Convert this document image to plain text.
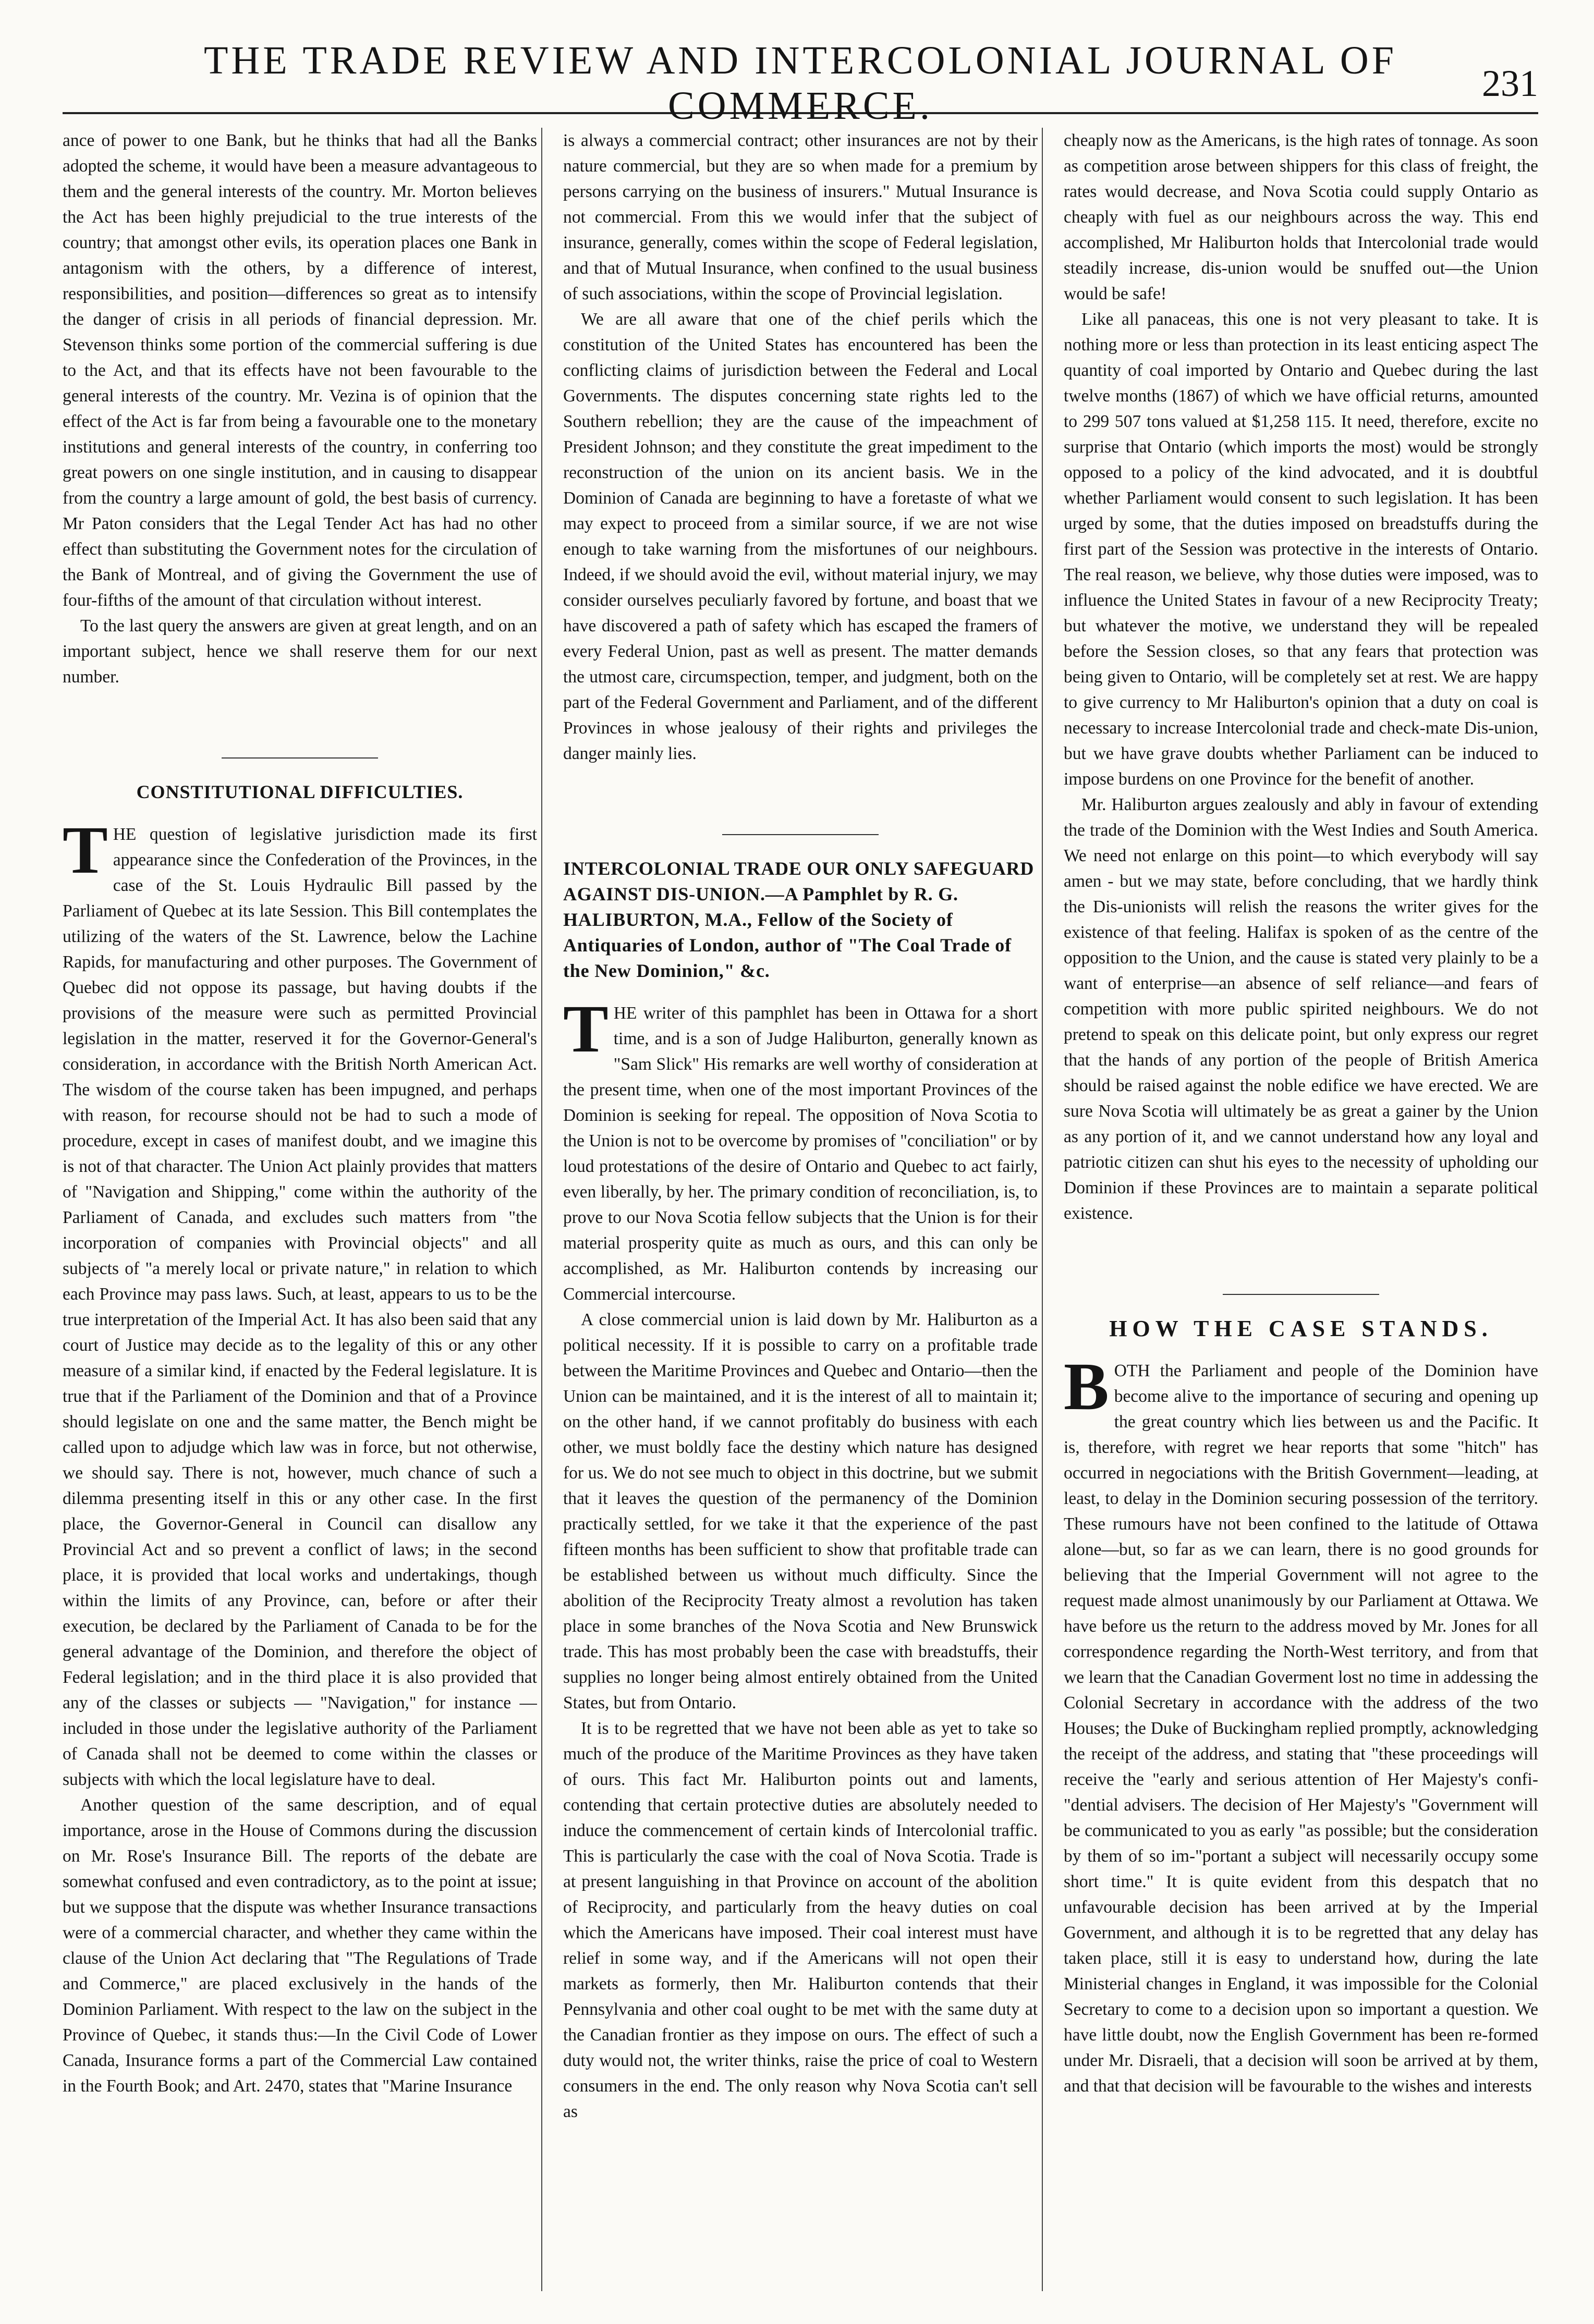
THE TRADE REVIEW AND INTERCOLONIAL JOURNAL OF COMMERCE.
231

ance of power to one Bank, but he thinks that had all the Banks adopted the scheme, it would have been a measure advantageous to them and the general interests of the country. Mr. Morton believes the Act has been highly prejudicial to the true interests of the country; that amongst other evils, its operation places one Bank in antagonism with the others, by a difference of interest, responsibilities, and position—differences so great as to intensify the danger of crisis in all periods of financial depression. Mr. Stevenson thinks some portion of the commercial suffering is due to the Act, and that its effects have not been favourable to the general interests of the country. Mr. Vezina is of opinion that the effect of the Act is far from being a favourable one to the monetary institutions and general interests of the country, in conferring too great powers on one single institution, and in causing to disappear from the country a large amount of gold, the best basis of currency. Mr Paton considers that the Legal Tender Act has had no other effect than substituting the Government notes for the circulation of the Bank of Montreal, and of giving the Government the use of four-fifths of the amount of that circulation without interest.

To the last query the answers are given at great length, and on an important subject, hence we shall reserve them for our next number.

CONSTITUTIONAL DIFFICULTIES.

THE question of legislative jurisdiction made its first appearance since the Confederation of the Provinces, in the case of the St. Louis Hydraulic Bill passed by the Parliament of Quebec at its late Session. This Bill contemplates the utilizing of the waters of the St. Lawrence, below the Lachine Rapids, for manufacturing and other purposes. The Government of Quebec did not oppose its passage, but having doubts if the provisions of the measure were such as permitted Provincial legislation in the matter, reserved it for the Governor-General's consideration, in accordance with the British North American Act. The wisdom of the course taken has been impugned, and perhaps with reason, for recourse should not be had to such a mode of procedure, except in cases of manifest doubt, and we imagine this is not of that character. The Union Act plainly provides that matters of "Navigation and Shipping," come within the authority of the Parliament of Canada, and excludes such matters from "the incorporation of companies with Provincial objects" and all subjects of "a merely local or private nature," in relation to which each Province may pass laws. Such, at least, appears to us to be the true interpretation of the Imperial Act. It has also been said that any court of Justice may decide as to the legality of this or any other measure of a similar kind, if enacted by the Federal legislature. It is true that if the Parliament of the Dominion and that of a Province should legislate on one and the same matter, the Bench might be called upon to adjudge which law was in force, but not otherwise, we should say. There is not, however, much chance of such a dilemma presenting itself in this or any other case. In the first place, the Governor-General in Council can disallow any Provincial Act and so prevent a conflict of laws; in the second place, it is provided that local works and undertakings, though within the limits of any Province, can, before or after their execution, be declared by the Parliament of Canada to be for the general advantage of the Dominion, and therefore the object of Federal legislation; and in the third place it is also provided that any of the classes or subjects — "Navigation," for instance — included in those under the legislative authority of the Parliament of Canada shall not be deemed to come within the classes or subjects with which the local legislature have to deal.

Another question of the same description, and of equal importance, arose in the House of Commons during the discussion on Mr. Rose's Insurance Bill. The reports of the debate are somewhat confused and even contradictory, as to the point at issue; but we suppose that the dispute was whether Insurance transactions were of a commercial character, and whether they came within the clause of the Union Act declaring that "The Regulations of Trade and Commerce," are placed exclusively in the hands of the Dominion Parliament. With respect to the law on the subject in the Province of Quebec, it stands thus:—In the Civil Code of Lower Canada, Insurance forms a part of the Commercial Law contained in the Fourth Book; and Art. 2470, states that "Marine Insurance

is always a commercial contract; other insurances are not by their nature commercial, but they are so when made for a premium by persons carrying on the business of insurers." Mutual Insurance is not commercial. From this we would infer that the subject of insurance, generally, comes within the scope of Federal legislation, and that of Mutual Insurance, when confined to the usual business of such associations, within the scope of Provincial legislation.

We are all aware that one of the chief perils which the constitution of the United States has encountered has been the conflicting claims of jurisdiction between the Federal and Local Governments. The disputes concerning state rights led to the Southern rebellion; they are the cause of the impeachment of President Johnson; and they constitute the great impediment to the reconstruction of the union on its ancient basis. We in the Dominion of Canada are beginning to have a foretaste of what we may expect to proceed from a similar source, if we are not wise enough to take warning from the misfortunes of our neighbours. Indeed, if we should avoid the evil, without material injury, we may consider ourselves peculiarly favored by fortune, and boast that we have discovered a path of safety which has escaped the framers of every Federal Union, past as well as present. The matter demands the utmost care, circumspection, temper, and judgment, both on the part of the Federal Government and Parliament, and of the different Provinces in whose jealousy of their rights and privileges the danger mainly lies.

INTERCOLONIAL TRADE OUR ONLY SAFEGUARD AGAINST DIS-UNION.—A Pamphlet by R. G. HALIBURTON, M.A., Fellow of the Society of Antiquaries of London, author of "The Coal Trade of the New Dominion," &c.

THE writer of this pamphlet has been in Ottawa for a short time, and is a son of Judge Haliburton, generally known as "Sam Slick" His remarks are well worthy of consideration at the present time, when one of the most important Provinces of the Dominion is seeking for repeal. The opposition of Nova Scotia to the Union is not to be overcome by promises of "conciliation" or by loud protestations of the desire of Ontario and Quebec to act fairly, even liberally, by her. The primary condition of reconciliation, is, to prove to our Nova Scotia fellow subjects that the Union is for their material prosperity quite as much as ours, and this can only be accomplished, as Mr. Haliburton contends by increasing our Commercial intercourse.

A close commercial union is laid down by Mr. Haliburton as a political necessity. If it is possible to carry on a profitable trade between the Maritime Provinces and Quebec and Ontario—then the Union can be maintained, and it is the interest of all to maintain it; on the other hand, if we cannot profitably do business with each other, we must boldly face the destiny which nature has designed for us. We do not see much to object in this doctrine, but we submit that it leaves the question of the permanency of the Dominion practically settled, for we take it that the experience of the past fifteen months has been sufficient to show that profitable trade can be established between us without much difficulty. Since the abolition of the Reciprocity Treaty almost a revolution has taken place in some branches of the Nova Scotia and New Brunswick trade. This has most probably been the case with breadstuffs, their supplies no longer being almost entirely obtained from the United States, but from Ontario.

It is to be regretted that we have not been able as yet to take so much of the produce of the Maritime Provinces as they have taken of ours. This fact Mr. Haliburton points out and laments, contending that certain protective duties are absolutely needed to induce the commencement of certain kinds of Intercolonial traffic. This is particularly the case with the coal of Nova Scotia. Trade is at present languishing in that Province on account of the abolition of Reciprocity, and particularly from the heavy duties on coal which the Americans have imposed. Their coal interest must have relief in some way, and if the Americans will not open their markets as formerly, then Mr. Haliburton contends that their Pennsylvania and other coal ought to be met with the same duty at the Canadian frontier as they impose on ours. The effect of such a duty would not, the writer thinks, raise the price of coal to Western consumers in the end. The only reason why Nova Scotia can't sell as

cheaply now as the Americans, is the high rates of tonnage. As soon as competition arose between shippers for this class of freight, the rates would decrease, and Nova Scotia could supply Ontario as cheaply with fuel as our neighbours across the way. This end accomplished, Mr Haliburton holds that Intercolonial trade would steadily increase, dis-union would be snuffed out—the Union would be safe!

Like all panaceas, this one is not very pleasant to take. It is nothing more or less than protection in its least enticing aspect The quantity of coal imported by Ontario and Quebec during the last twelve months (1867) of which we have official returns, amounted to 299 507 tons valued at $1,258 115. It need, therefore, excite no surprise that Ontario (which imports the most) would be strongly opposed to a policy of the kind advocated, and it is doubtful whether Parliament would consent to such legislation. It has been urged by some, that the duties imposed on breadstuffs during the first part of the Session was protective in the interests of Ontario. The real reason, we believe, why those duties were imposed, was to influence the United States in favour of a new Reciprocity Treaty; but whatever the motive, we understand they will be repealed before the Session closes, so that any fears that protection was being given to Ontario, will be completely set at rest. We are happy to give currency to Mr Haliburton's opinion that a duty on coal is necessary to increase Intercolonial trade and check-mate Dis-union, but we have grave doubts whether Parliament can be induced to impose burdens on one Province for the benefit of another.

Mr. Haliburton argues zealously and ably in favour of extending the trade of the Dominion with the West Indies and South America. We need not enlarge on this point—to which everybody will say amen - but we may state, before concluding, that we hardly think the Dis-unionists will relish the reasons the writer gives for the existence of that feeling. Halifax is spoken of as the centre of the opposition to the Union, and the cause is stated very plainly to be a want of enterprise—an absence of self reliance—and fears of competition with more public spirited neighbours. We do not pretend to speak on this delicate point, but only express our regret that the hands of any portion of the people of British America should be raised against the noble edifice we have erected. We are sure Nova Scotia will ultimately be as great a gainer by the Union as any portion of it, and we cannot understand how any loyal and patriotic citizen can shut his eyes to the necessity of upholding our Dominion if these Provinces are to maintain a separate political existence.

HOW THE CASE STANDS.

BOTH the Parliament and people of the Dominion have become alive to the importance of securing and opening up the great country which lies between us and the Pacific. It is, therefore, with regret we hear reports that some "hitch" has occurred in negociations with the British Government—leading, at least, to delay in the Dominion securing possession of the territory. These rumours have not been confined to the latitude of Ottawa alone—but, so far as we can learn, there is no good grounds for believing that the Imperial Government will not agree to the request made almost unanimously by our Parliament at Ottawa. We have before us the return to the address moved by Mr. Jones for all correspondence regarding the North-West territory, and from that we learn that the Canadian Goverment lost no time in addessing the Colonial Secretary in accordance with the address of the two Houses; the Duke of Buckingham replied promptly, acknowledging the receipt of the address, and stating that "these proceedings will receive the "early and serious attention of Her Majesty's confi-"dential advisers. The decision of Her Majesty's "Government will be communicated to you as early "as possible; but the consideration by them of so im-"portant a subject will necessarily occupy some short time." It is quite evident from this despatch that no unfavourable decision has been arrived at by the Imperial Government, and although it is to be regretted that any delay has taken place, still it is easy to understand how, during the late Ministerial changes in England, it was impossible for the Colonial Secretary to come to a decision upon so important a question. We have little doubt, now the English Government has been re-formed under Mr. Disraeli, that a decision will soon be arrived at by them, and that that decision will be favourable to the wishes and interests
